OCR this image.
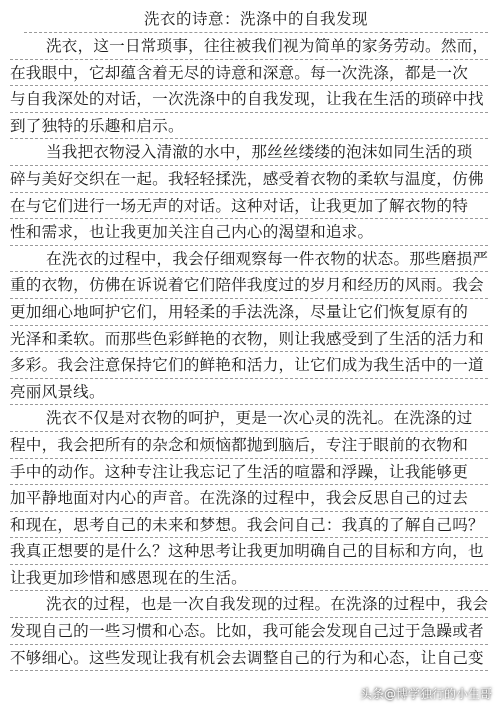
洗衣的诗意：洗涤中的自我发现
洗衣，这一日常琐事，往往被我们视为简单的家务劳动。然而，
在我眼中，它却蕴含着无尽的诗意和深意。每一次洗涤，都是一次
与自我深处的对话，一次洗涤中的自我发现，让我在生活的琐碎中找
到了独特的乐趣和启示。
当我把衣物浸入清澈的水中，那丝丝缕缕的泡沫如同生活的琐
碎与美好交织在一起。我轻轻揉洗，感受着衣物的柔软与温度，仿佛
在与它们进行一场无声的对话。这种对话，让我更加了解衣物的特
性和需求，也让我更加关注自己内心的渴望和追求。
在洗衣的过程中，我会仔细观察每一件衣物的状态。那些磨损严
重的衣物，仿佛在诉说着它们陪伴我度过的岁月和经历的风雨。我会
更加细心地呵护它们，用轻柔的手法洗涤，尽量让它们恢复原有的
光泽和柔软。而那些色彩鲜艳的衣物，则让我感受到了生活的活力和
多彩。我会注意保持它们的鲜艳和活力，让它们成为我生活中的一道
亮丽风景线。
洗衣不仅是对衣物的呵护，更是一次心灵的洗礼。在洗涤的过
程中，我会把所有的杂念和烦恼都抛到脑后，专注于眼前的衣物和
手中的动作。这种专注让我忘记了生活的喧嚣和浮躁，让我能够更
加平静地面对内心的声音。在洗涤的过程中，我会反思自己的过去
和现在，思考自己的未来和梦想。我会问自己：我真的了解自己吗？
我真正想要的是什么？这种思考让我更加明确自己的目标和方向，也
让我更加珍惜和感恩现在的生活。
洗衣的过程，也是一次自我发现的过程。在洗涤的过程中，我会
发现自己的一些习惯和心态。比如，我可能会发现自己过于急躁或者
不够细心。这些发现让我有机会去调整自己的行为和心态，让自己变
头条@博学独行的小生哥
